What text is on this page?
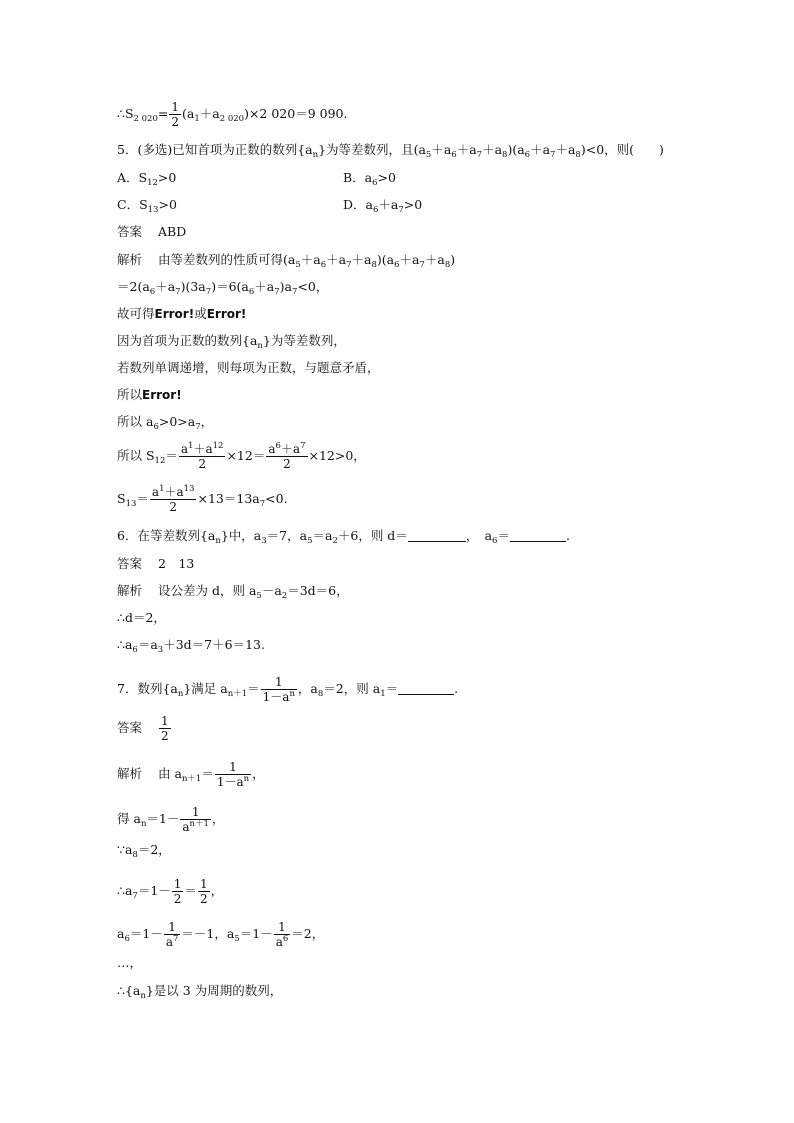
$\therefore S_{2 020}= \frac{1}{2} (a_1+a_{2 020})\times 2$ 020＝9 090.
5．(多选)已知首项为正数的数列$\{a_n\}$为等差数列，且$(a_5+a_6+a_7+a_8)(a_6+a_7+a_8)<0$，则(　　)
A．$S_{12}>0$	B．$a_6>0$
C．$S_{13}>0$	D．$a_6+a_7>0$
答案 ABD
解析 由等差数列的性质可得$(a_5+a_6+a_7+a_8)(a_6+a_7+a_8)$
$=2(a_6+a_7)(3a_7)=6(a_6+a_7)a_7<0$，
故可得Error!或Error!
因为首项为正数的数列$\{a_n\}$为等差数列，
若数列单调递增，则每项为正数，与题意矛盾，
所以Error!
所以 $a_6>0>a_7$，
所以 $S_{12}= \frac{a^1+a^{12}}{2} \times 12= \frac{a^6+a^7}{2} \times 12>0$，
$S_{13}= \frac{a^1+a^{13}}{2} \times 13=13a_7<0$.
6．在等差数列$\{a_n\}$中，$a_3=7$，$a_5=a_2+6$，则 d＝	，　$a_6=$	.
答案 2　13
解析 设公差为 d，则 $a_5-a_2=3d=6$，
∴d＝2，
$\therefore a_6=a_3+3d=7+6=13$.
7．数列$\{a_n\}$满足 $a_{n+1}= \frac{1}{1-a^n}$ ，$a_8=2$，则 $a_1=$	.
答案 $\frac{1}{2}$
解析 由 $a_{n+1}= \frac{1}{1-a^n}$ ，
得 $a_n=1- \frac{1}{a^{n+1}}$ ，
$\because a_8=2$，
$\therefore a_7=1- \frac{1}{2} = \frac{1}{2}$ ，
$a_6=1- \frac{1}{a^7} =-1$，$a_5=1- \frac{1}{a^6} =2$，
…，
$\therefore\{a_n\}$是以 3 为周期的数列，
